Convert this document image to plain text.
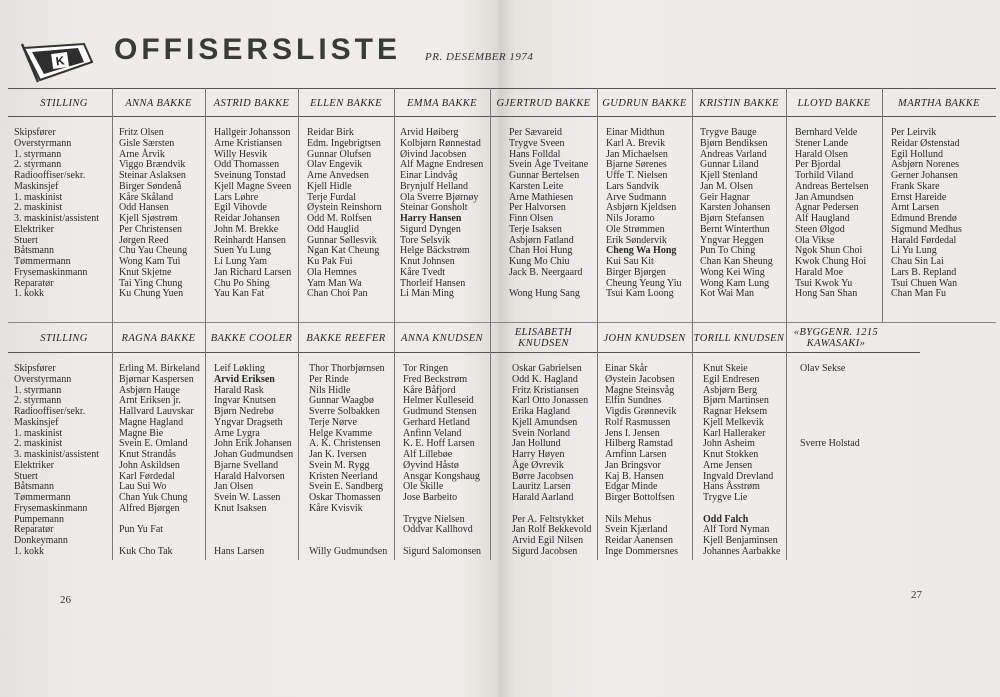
K OFFISERSLISTE PR. DESEMBER 1974
STILLING
Skipsfører
Overstyrmann
1. styrmann
2. styrmann
Radiooffiser/sekr.
Maskinsjef
1. maskinist
2. maskinist
3. maskinist/assistent
Elektriker
Stuert
Båtsmann
Tømmermann
Frysemaskinmann
Reparatør
1. kokk
ANNA BAKKE
Fritz Olsen
Gisle Særsten
Arne Årvik
Viggo Brændvik
Steinar Aslaksen
Birger Søndenå
Kåre Skåland
Odd Hansen
Kjell Sjøstrøm
Per Christensen
Jørgen Reed
Chu Yau Cheung
Wong Kam Tui
Knut Skjetne
Tai Ying Chung
Ku Chung Yuen
ASTRID BAKKE
Hallgeir Johansson
Arne Kristiansen
Willy Hesvik
Odd Thomassen
Sveinung Tonstad
Kjell Magne Sveen
Lars Løhre
Egil Vihovde
Reidar Johansen
John M. Brekke
Reinhardt Hansen
Suen Yu Lung
Li Lung Yam
Jan Richard Larsen
Chu Po Shing
Yau Kan Fat
ELLEN BAKKE
Reidar Birk
Edm. Ingebrigtsen
Gunnar Olufsen
Olav Engevik
Arne Anvedsen
Kjell Hidle
Terje Furdal
Øystein Reinshorn
Odd M. Rolfsen
Odd Hauglid
Gunnar Søllesvik
Ngan Kat Cheung
Ku Pak Fui
Ola Hemnes
Yam Man Wa
Chan Choi Pan
EMMA BAKKE
Arvid Høiberg
Kolbjørn Rønnestad
Øivind Jacobsen
Alf Magne Endresen
Einar Lindvåg
Brynjulf Helland
Ola Sverre Bjørnøy
Steinar Gonsholt
Harry Hansen
Sigurd Dyngen
Tore Selsvik
Helge Bäckstrøm
Knut Johnsen
Kåre Tvedt
Thorleif Hansen
Li Man Ming
GJERTRUD BAKKE
Per Sævareid
Trygve Sveen
Hans Folldal
Svein Åge Tveitane
Gunnar Bertelsen
Karsten Leite
Arne Mathiesen
Per Halvorsen
Finn Olsen
Terje Isaksen
Asbjørn Fatland
Chan Hoi Hung
Kung Mo Chiu
Jack B. Neergaard
Wong Hung Sang
GUDRUN BAKKE
Einar Midthun
Karl A. Brevik
Jan Michaelsen
Bjarne Sørenes
Uffe T. Nielsen
Lars Sandvik
Arve Sudmann
Asbjørn Kjeldsen
Nils Joramo
Ole Strømmen
Erik Søndervik
Cheng Wa Hong
Kui Sau Kit
Birger Bjørgen
Cheung Yeung Yiu
Tsui Kam Loong
KRISTIN BAKKE
Trygve Bauge
Bjørn Bendiksen
Andreas Varland
Gunnar Liland
Kjell Stenland
Jan M. Olsen
Geir Hagnar
Karsten Johansen
Bjørn Stefansen
Bernt Winterthun
Yngvar Heggen
Pun To Ching
Chan Kan Sheung
Wong Kei Wing
Wong Kam Lung
Kot Wai Man
LLOYD BAKKE
Bernhard Velde
Stener Lande
Harald Olsen
Per Bjordal
Torhild Viland
Andreas Bertelsen
Jan Amundsen
Agnar Pedersen
Alf Haugland
Steen Ølgod
Ola Vikse
Ngok Shun Choi
Kwok Chung Hoi
Harald Moe
Tsui Kwok Yu
Hong San Shan
MARTHA BAKKE
Per Leirvik
Reidar Østenstad
Egil Hollund
Asbjørn Norenes
Gerner Johansen
Frank Skare
Ernst Hareide
Arnt Larsen
Edmund Brendø
Sigmund Medhus
Harald Førdedal
Li Yu Lung
Chau Sin Lai
Lars B. Repland
Tsui Chuen Wan
Chan Man Fu
STILLING
Skipsfører
Overstyrmann
1. styrmann
2. styrmann
Radiooffiser/sekr.
Maskinsjef
1. maskinist
2. maskinist
3. maskinist/assistent
Elektriker
Stuert
Båtsmann
Tømmermann
Frysemaskinmann
Pumpemann
Reparatør
Donkeymann
1. kokk
RAGNA BAKKE
Erling M. Birkeland
Bjørnar Kaspersen
Asbjørn Hauge
Arnt Eriksen jr.
Hallvard Lauvskar
Magne Hagland
Magne Bie
Svein E. Omland
Knut Strandås
John Askildsen
Karl Førdedal
Lau Sui Wo
Chan Yuk Chung
Alfred Bjørgen
Pun Yu Fat
Kuk Cho Tak
BAKKE COOLER
Leif Løkling
Arvid Eriksen
Harald Rask
Ingvar Knutsen
Bjørn Nedrebø
Yngvar Dragseth
Arne Lygra
John Erik Johansen
Johan Gudmundsen
Bjarne Svelland
Harald Halvorsen
Jan Olsen
Svein W. Lassen
Knut Isaksen
Hans Larsen
BAKKE REEFER
Thor Thorbjørnsen
Per Rinde
Nils Hidle
Gunnar Waagbø
Sverre Solbakken
Terje Nørve
Helge Kvamme
A. K. Christensen
Jan K. Iversen
Svein M. Rygg
Kristen Neerland
Svein E. Sandberg
Oskar Thomassen
Kåre Kvisvik
Willy Gudmundsen
ANNA KNUDSEN
Tor Ringen
Fred Beckstrøm
Kåre Båfjord
Helmer Kulleseid
Gudmund Stensen
Gerhard Hetland
Anfinn Veland
K. E. Hoff Larsen
Alf Lillebøe
Øyvind Håstø
Ansgar Kongshaug
Ole Skille
Jose Barbeito
Trygve Nielsen
Oddvar Kallhovd
Sigurd Salomonsen
ELISABETH
KNUDSEN
Oskar Gabrielsen
Odd K. Hagland
Fritz Kristiansen
Karl Otto Jonassen
Erika Hagland
Kjell Amundsen
Svein Norland
Jan Hollund
Harry Høyen
Åge Øvrevik
Børre Jacobsen
Lauritz Larsen
Harald Aarland
Per A. Feltstykket
Jan Rolf Bekkevold
Arvid Egil Nilsen
Sigurd Jacobsen
JOHN KNUDSEN
Einar Skår
Øystein Jacobsen
Magne Steinsvåg
Elfin Sundnes
Vigdis Grønnevik
Rolf Rasmussen
Jens I. Jensen
Hilberg Ramstad
Arnfinn Larsen
Jan Bringsvor
Kaj B. Hansen
Edgar Minde
Birger Bottolfsen
Nils Mehus
Svein Kjærland
Reidar Aanensen
Inge Dommersnes
TORILL KNUDSEN
Knut Skeie
Egil Endresen
Asbjørn Berg
Bjørn Martinsen
Ragnar Heksem
Kjell Melkevik
Karl Halleraker
John Asheim
Knut Stokken
Arne Jensen
Ingvald Drevland
Hans Åsstrøm
Trygve Lie
Odd Falch
Alf Tord Nyman
Kjell Benjaminsen
Johannes Aarbakke
«BYGGENR. 1215
KAWASAKI»
Olav Sekse
Sverre Holstad
26	27
